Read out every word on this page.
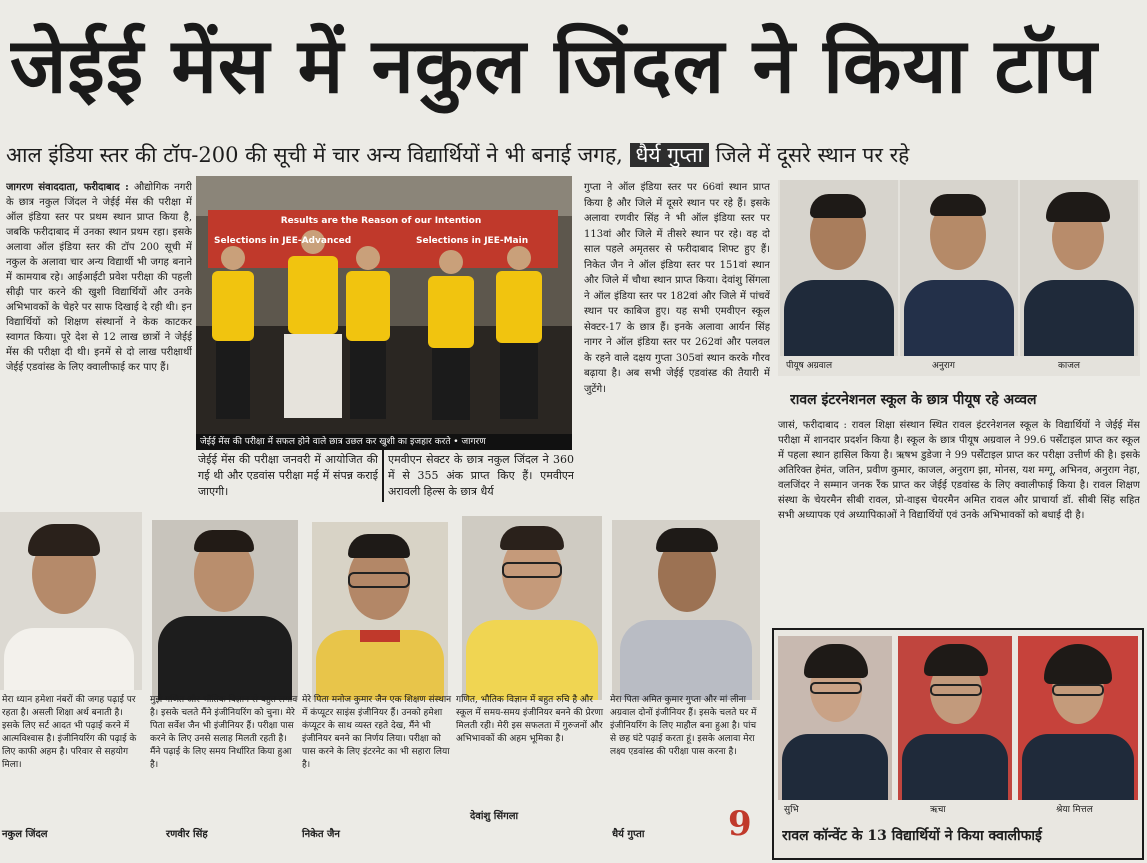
जेईई मेंस में नकुल जिंदल ने किया टॉप
आल इंडिया स्तर की टॉप-200 की सूची में चार अन्य विद्यार्थियों ने भी बनाई जगह, धैर्य गुप्ता जिले में दूसरे स्थान पर रहे
जागरण संवाददाता, फरीदाबाद : औद्योगिक नगरी के छात्र नकुल जिंदल ने जेईई मेंस की परीक्षा में ऑल इंडिया स्तर पर प्रथम स्थान प्राप्त किया है, जबकि फरीदाबाद में उनका स्थान प्रथम रहा। इसके अलावा ऑल इंडिया स्तर की टॉप 200 सूची में नकुल के अलावा चार अन्य विद्यार्थी भी जगह बनाने में कामयाब रहे। आईआईटी प्रवेश परीक्षा की पहली सीढ़ी पार करने की खुशी विद्यार्थियों और उनके अभिभावकों के चेहरे पर साफ दिखाई दे रही थी। इन विद्यार्थियों को शिक्षण संस्थानों ने केक काटकर स्वागत किया। पूरे देश से 12 लाख छात्रों ने जेईई मेंस की परीक्षा दी थी। इनमें से दो लाख परीक्षार्थी जेईई एडवांस्ड के लिए क्वालीफाई कर पाए हैं।
Results are the Reason of our Intention
Selections in JEE-Advanced	Selections in JEE-Main
जेईई मेंस की परीक्षा में सफल होने वाले छात्र उछल कर खुशी का इजहार करते • जागरण
जेईई मेंस की परीक्षा जनवरी में आयोजित की गई थी और एडवांस परीक्षा मई में संपन्न कराई जाएगी।
एमवीएन सेक्टर के छात्र नकुल जिंदल ने 360 में से 355 अंक प्राप्त किए हैं। एमवीएन अरावली हिल्स के छात्र धैर्य
गुप्ता ने ऑल इंडिया स्तर पर 66वां स्थान प्राप्त किया है और जिले में दूसरे स्थान पर रहे हैं। इसके अलावा रणवीर सिंह ने भी ऑल इंडिया स्तर पर 113वां और जिले में तीसरे स्थान पर रहे। वह दो साल पहले अमृतसर से फरीदाबाद शिफ्ट हुए हैं। निकेत जैन ने ऑल इंडिया स्तर पर 151वां स्थान और जिले में चौथा स्थान प्राप्त किया। देवांशु सिंगला ने ऑल इंडिया स्तर पर 182वां और जिले में पांचवें स्थान पर काबिज हुए। यह सभी एमवीएन स्कूल सेक्टर-17 के छात्र हैं। इनके अलावा आर्यन सिंह नागर ने ऑल इंडिया स्तर पर 262वां और पलवल के रहने वाले दक्षय गुप्ता 305वां स्थान करके गौरव बढ़ाया है। अब सभी जेईई एडवांस्ड की तैयारी में जुटेंगे।
पीयूष अग्रवाल	अनुराग	काजल
रावल इंटरनेशनल स्कूल के छात्र पीयूष रहे अव्वल
जासं, फरीदाबाद : रावल शिक्षा संस्थान स्थित रावल इंटरनेशनल स्कूल के विद्यार्थियों ने जेईई मेंस परीक्षा में शानदार प्रदर्शन किया है। स्कूल के छात्र पीयूष अग्रवाल ने 99.6 पर्सेंटाइल प्राप्त कर स्कूल में पहला स्थान हासिल किया है। ऋषभ डुडेजा ने 99 पर्सेंटाइल प्राप्त कर परीक्षा उत्तीर्ण की है। इसके अतिरिक्त हेमंत, जतिन, प्रवीण कुमार, काजल, अनुराग झा, मोनस, यश मग्गू, अभिनव, अनुराग नेहा, वलजिंदर ने सम्मान जनक रैंक प्राप्त कर जेईई एडवांस्ड के लिए क्वालीफाई किया है। रावल शिक्षण संस्था के चेयरमैन सीबी रावल, प्रो-वाइस चेयरमैन अमित रावल और प्राचार्या डॉ. सीबी सिंह सहित सभी अध्यापक एवं अध्यापिकाओं ने विद्यार्थियों एवं उनके अभिभावकों को बधाई दी है।
मेरा ध्यान हमेशा नंबरों की जगह पढ़ाई पर रहता है। असली शिक्षा अर्थ बनाती है। इसके लिए सर्ट आदत भी पढ़ाई करने में आत्मविश्वास है। इंजीनियरिंग की पढ़ाई के लिए काफी अहम है। परिवार से सहयोग मिला।
नकुल जिंदल
मुझे गणित और भौतिक विज्ञान से बहुत लगाव है। इसके चलते मैंने इंजीनियरिंग को चुना। मेरे पिता सर्वेश जैन भी इंजीनियर हैं। परीक्षा पास करने के लिए उनसे सलाह मिलती रहती है। मैंने पढ़ाई के लिए समय निर्धारित किया हुआ है।
रणवीर सिंह
मेरे पिता मनोज कुमार जैन एक शिक्षण संस्थान में कंप्यूटर साइंस इंजीनियर हैं। उनको हमेशा कंप्यूटर के साथ व्यस्त रहते देख, मैंने भी इंजीनियर बनने का निर्णय लिया। परीक्षा को पास करने के लिए इंटरनेट का भी सहारा लिया है।
निकेत जैन
गणित, भौतिक विज्ञान में बहुत रुचि है और स्कूल में समय-समय इंजीनियर बनने की प्रेरणा मिलती रही। मेरी इस सफलता में गुरुजनों और अभिभावकों की अहम भूमिका है।
देवांशु सिंगला
मेरा पिता अमित कुमार गुप्ता और मां लीना अग्रवाल दोनों इंजीनियर हैं। इसके चलते घर में इंजीनियरिंग के लिए माहौल बना हुआ है। पांच से छह घंटे पढ़ाई करता हूं। इसके अलावा मेरा लक्ष्य एडवांस्ड की परीक्षा पास करना है।
धैर्य गुप्ता	9	सुभि	ऋचा	श्रेया मित्तल
रावल कॉन्वेंट के 13 विद्यार्थियों ने किया क्वालीफाई
